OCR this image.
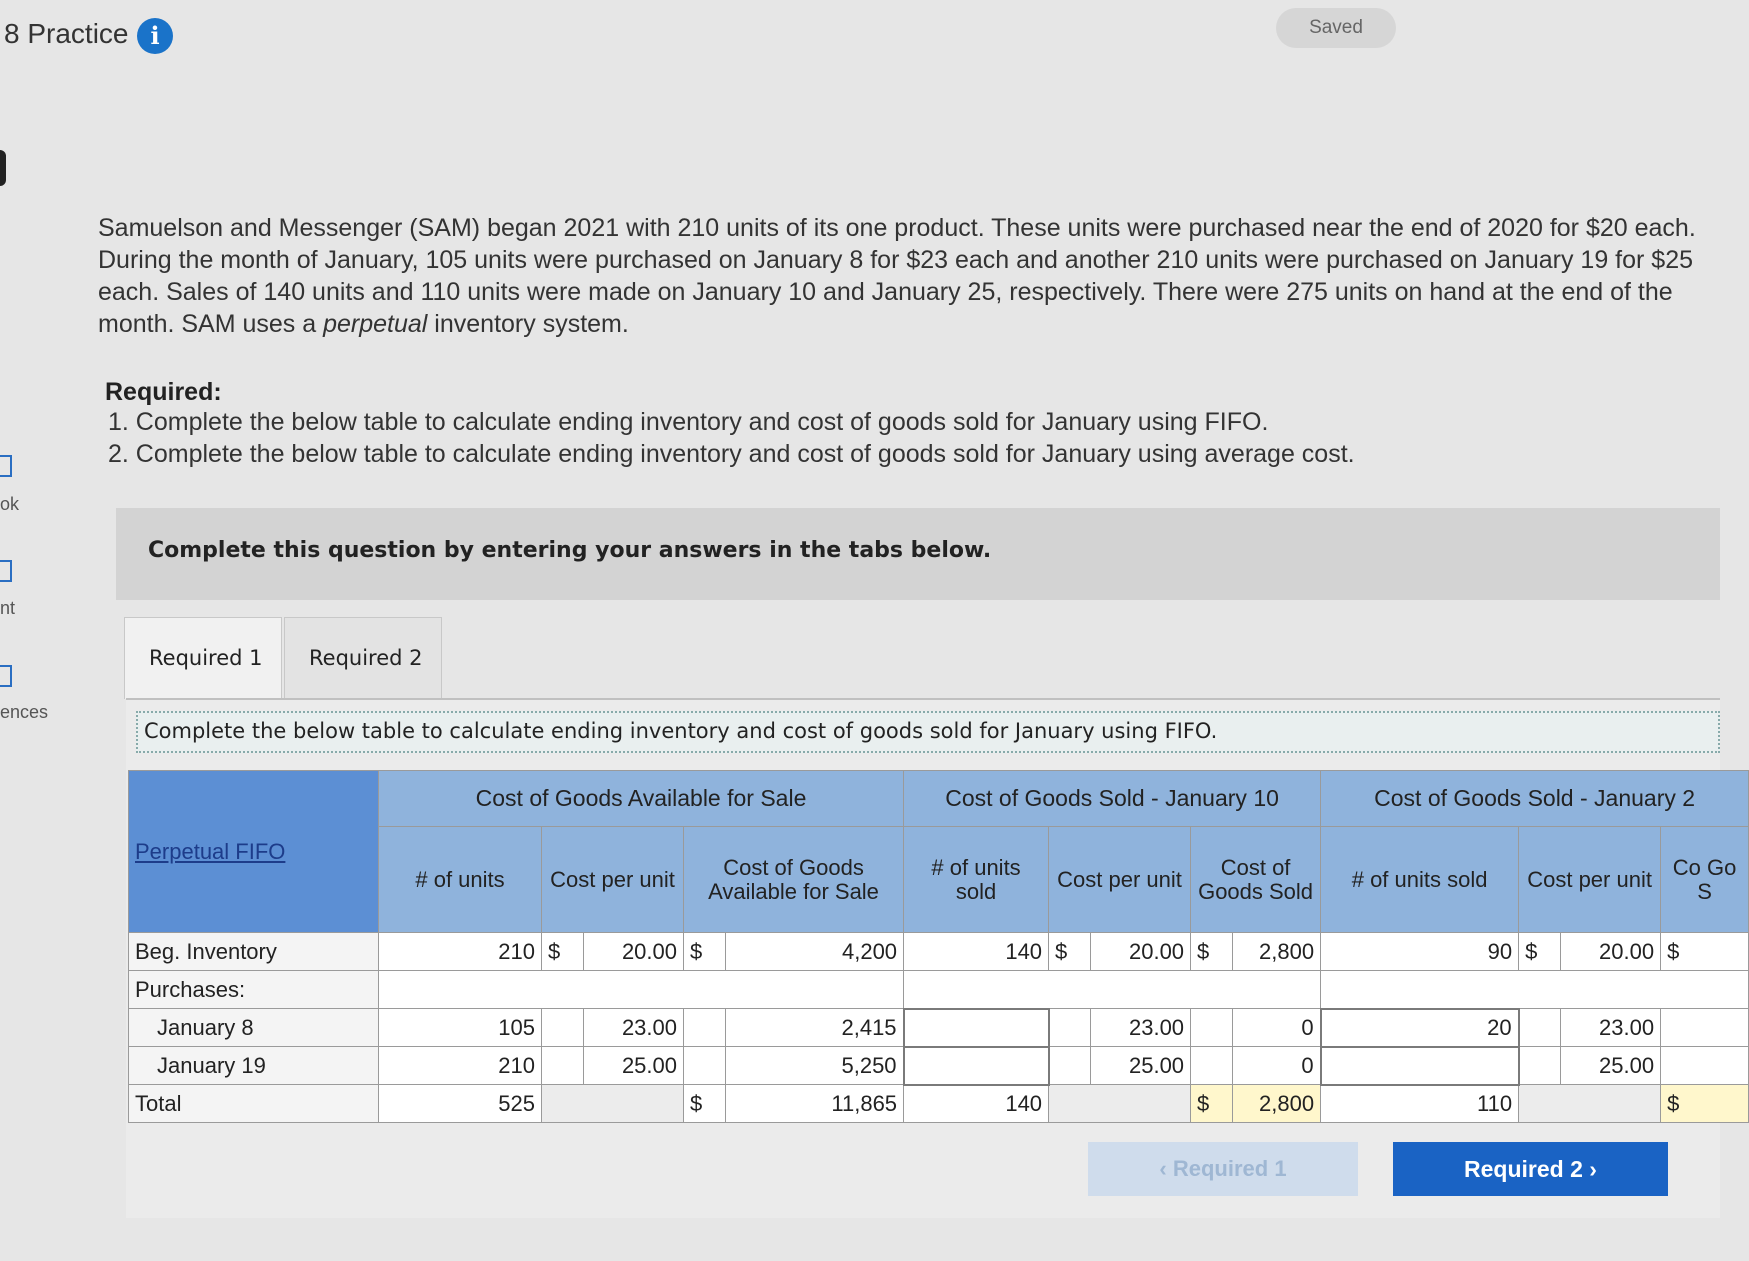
8 Practice i	Saved
ok
nt
ences
Samuelson and Messenger (SAM) began 2021 with 210 units of its one product. These units were purchased near the end of 2020 for $20 each. During the month of January, 105 units were purchased on January 8 for $23 each and another 210 units were purchased on January 19 for $25 each. Sales of 140 units and 110 units were made on January 10 and January 25, respectively. There were 275 units on hand at the end of the month. SAM uses a perpetual inventory system.
Required:
1. Complete the below table to calculate ending inventory and cost of goods sold for January using FIFO.
2. Complete the below table to calculate ending inventory and cost of goods sold for January using average cost.
Complete this question by entering your answers in the tabs below.
Required 1	Required 2
Complete the below table to calculate ending inventory and cost of goods sold for January using FIFO.
Perpetual FIFO	Cost of Goods Available for Sale					Cost of Goods Sold - January 10					Cost of Goods Sold - January 2			
	# of units	Cost per unit		Cost of Goods Available for Sale		# of units sold	Cost per unit		Cost of Goods Sold		# of units sold	Cost per unit		Co Go S
Beg. Inventory	210	$	20.00	$	4,200	140	$	20.00	$	2,800	90	$	20.00	$
Purchases:														
January 8	105		23.00		2,415			23.00		0	20		23.00	
January 19	210		25.00		5,250			25.00		0			25.00	
Total	525			$	11,865	140			$	2,800	110			$
‹ Required 1	Required 2 ›
